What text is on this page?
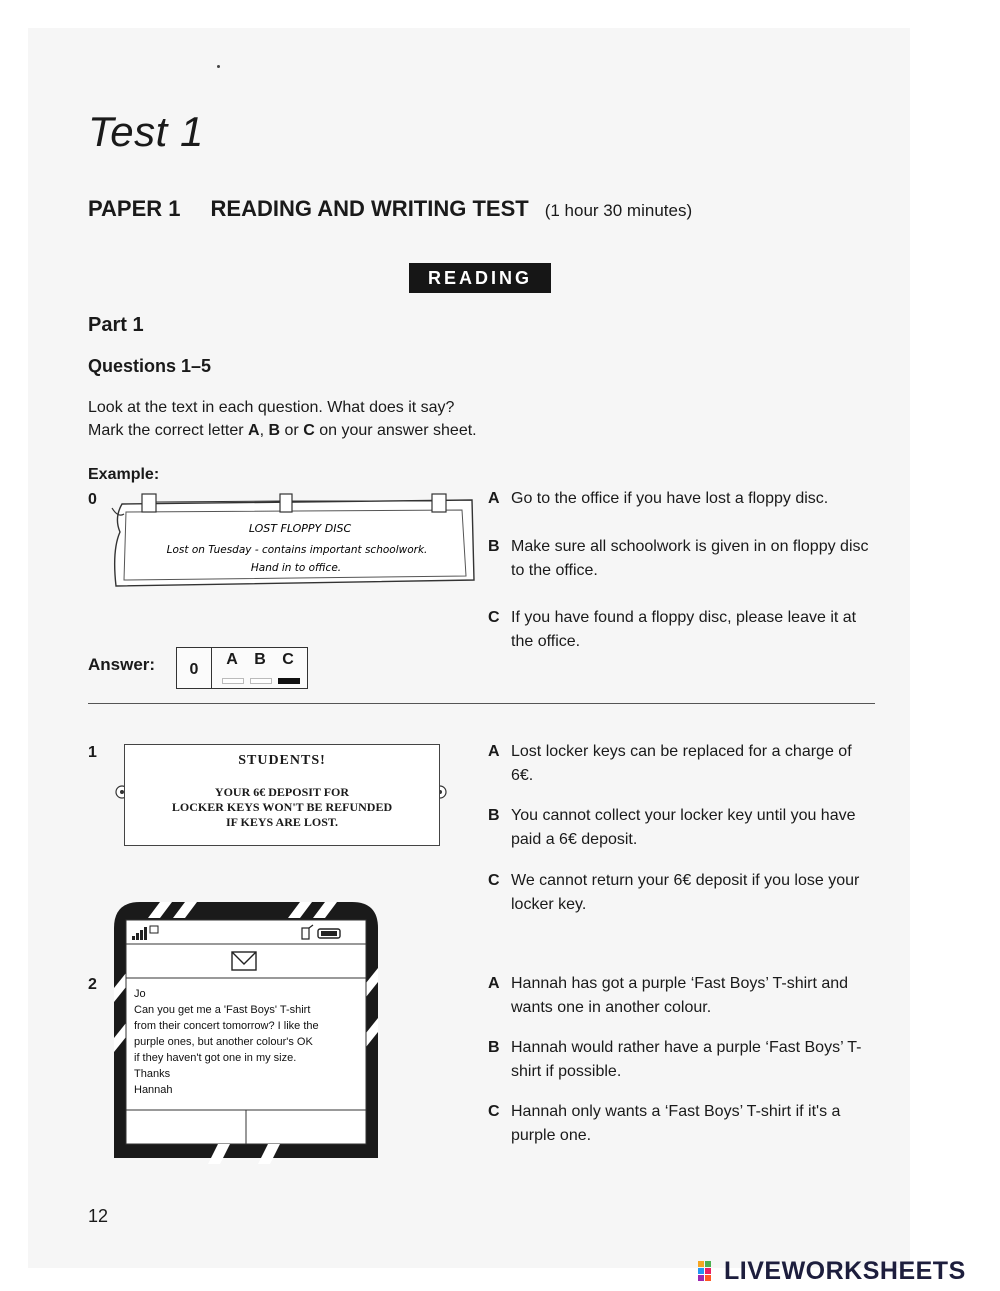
Test 1
PAPER 1 READING AND WRITING TEST (1 hour 30 minutes)
READING
Part 1
Questions 1–5
Look at the text in each question. What does it say?
Mark the correct letter A, B or C on your answer sheet.
Example:
0
LOST FLOPPY DISC
Lost on Tuesday - contains important schoolwork.
Hand in to office.
A Go to the office if you have lost a floppy disc.
B Make sure all schoolwork is given in on floppy disc to the office.
C If you have found a floppy disc, please leave it at the office.
Answer:	0
A	B	C
1	STUDENTS!
YOUR 6€ DEPOSIT FOR
LOCKER KEYS WON'T BE REFUNDED
IF KEYS ARE LOST.
A Lost locker keys can be replaced for a charge of 6€.
B You cannot collect your locker key until you have paid a 6€ deposit.
C We cannot return your 6€ deposit if you lose your locker key.
2
Jo Can you get me a 'Fast Boys' T-shirt from their concert tomorrow? I like the purple ones, but another colour's OK if they haven't got one in my size. Thanks Hannah
A Hannah has got a purple ‘Fast Boys’ T-shirt and wants one in another colour.
B Hannah would rather have a purple ‘Fast Boys’ T-shirt if possible.
C Hannah only wants a ‘Fast Boys’ T-shirt if it's a purple one.
12
LIVEWORKSHEETS
